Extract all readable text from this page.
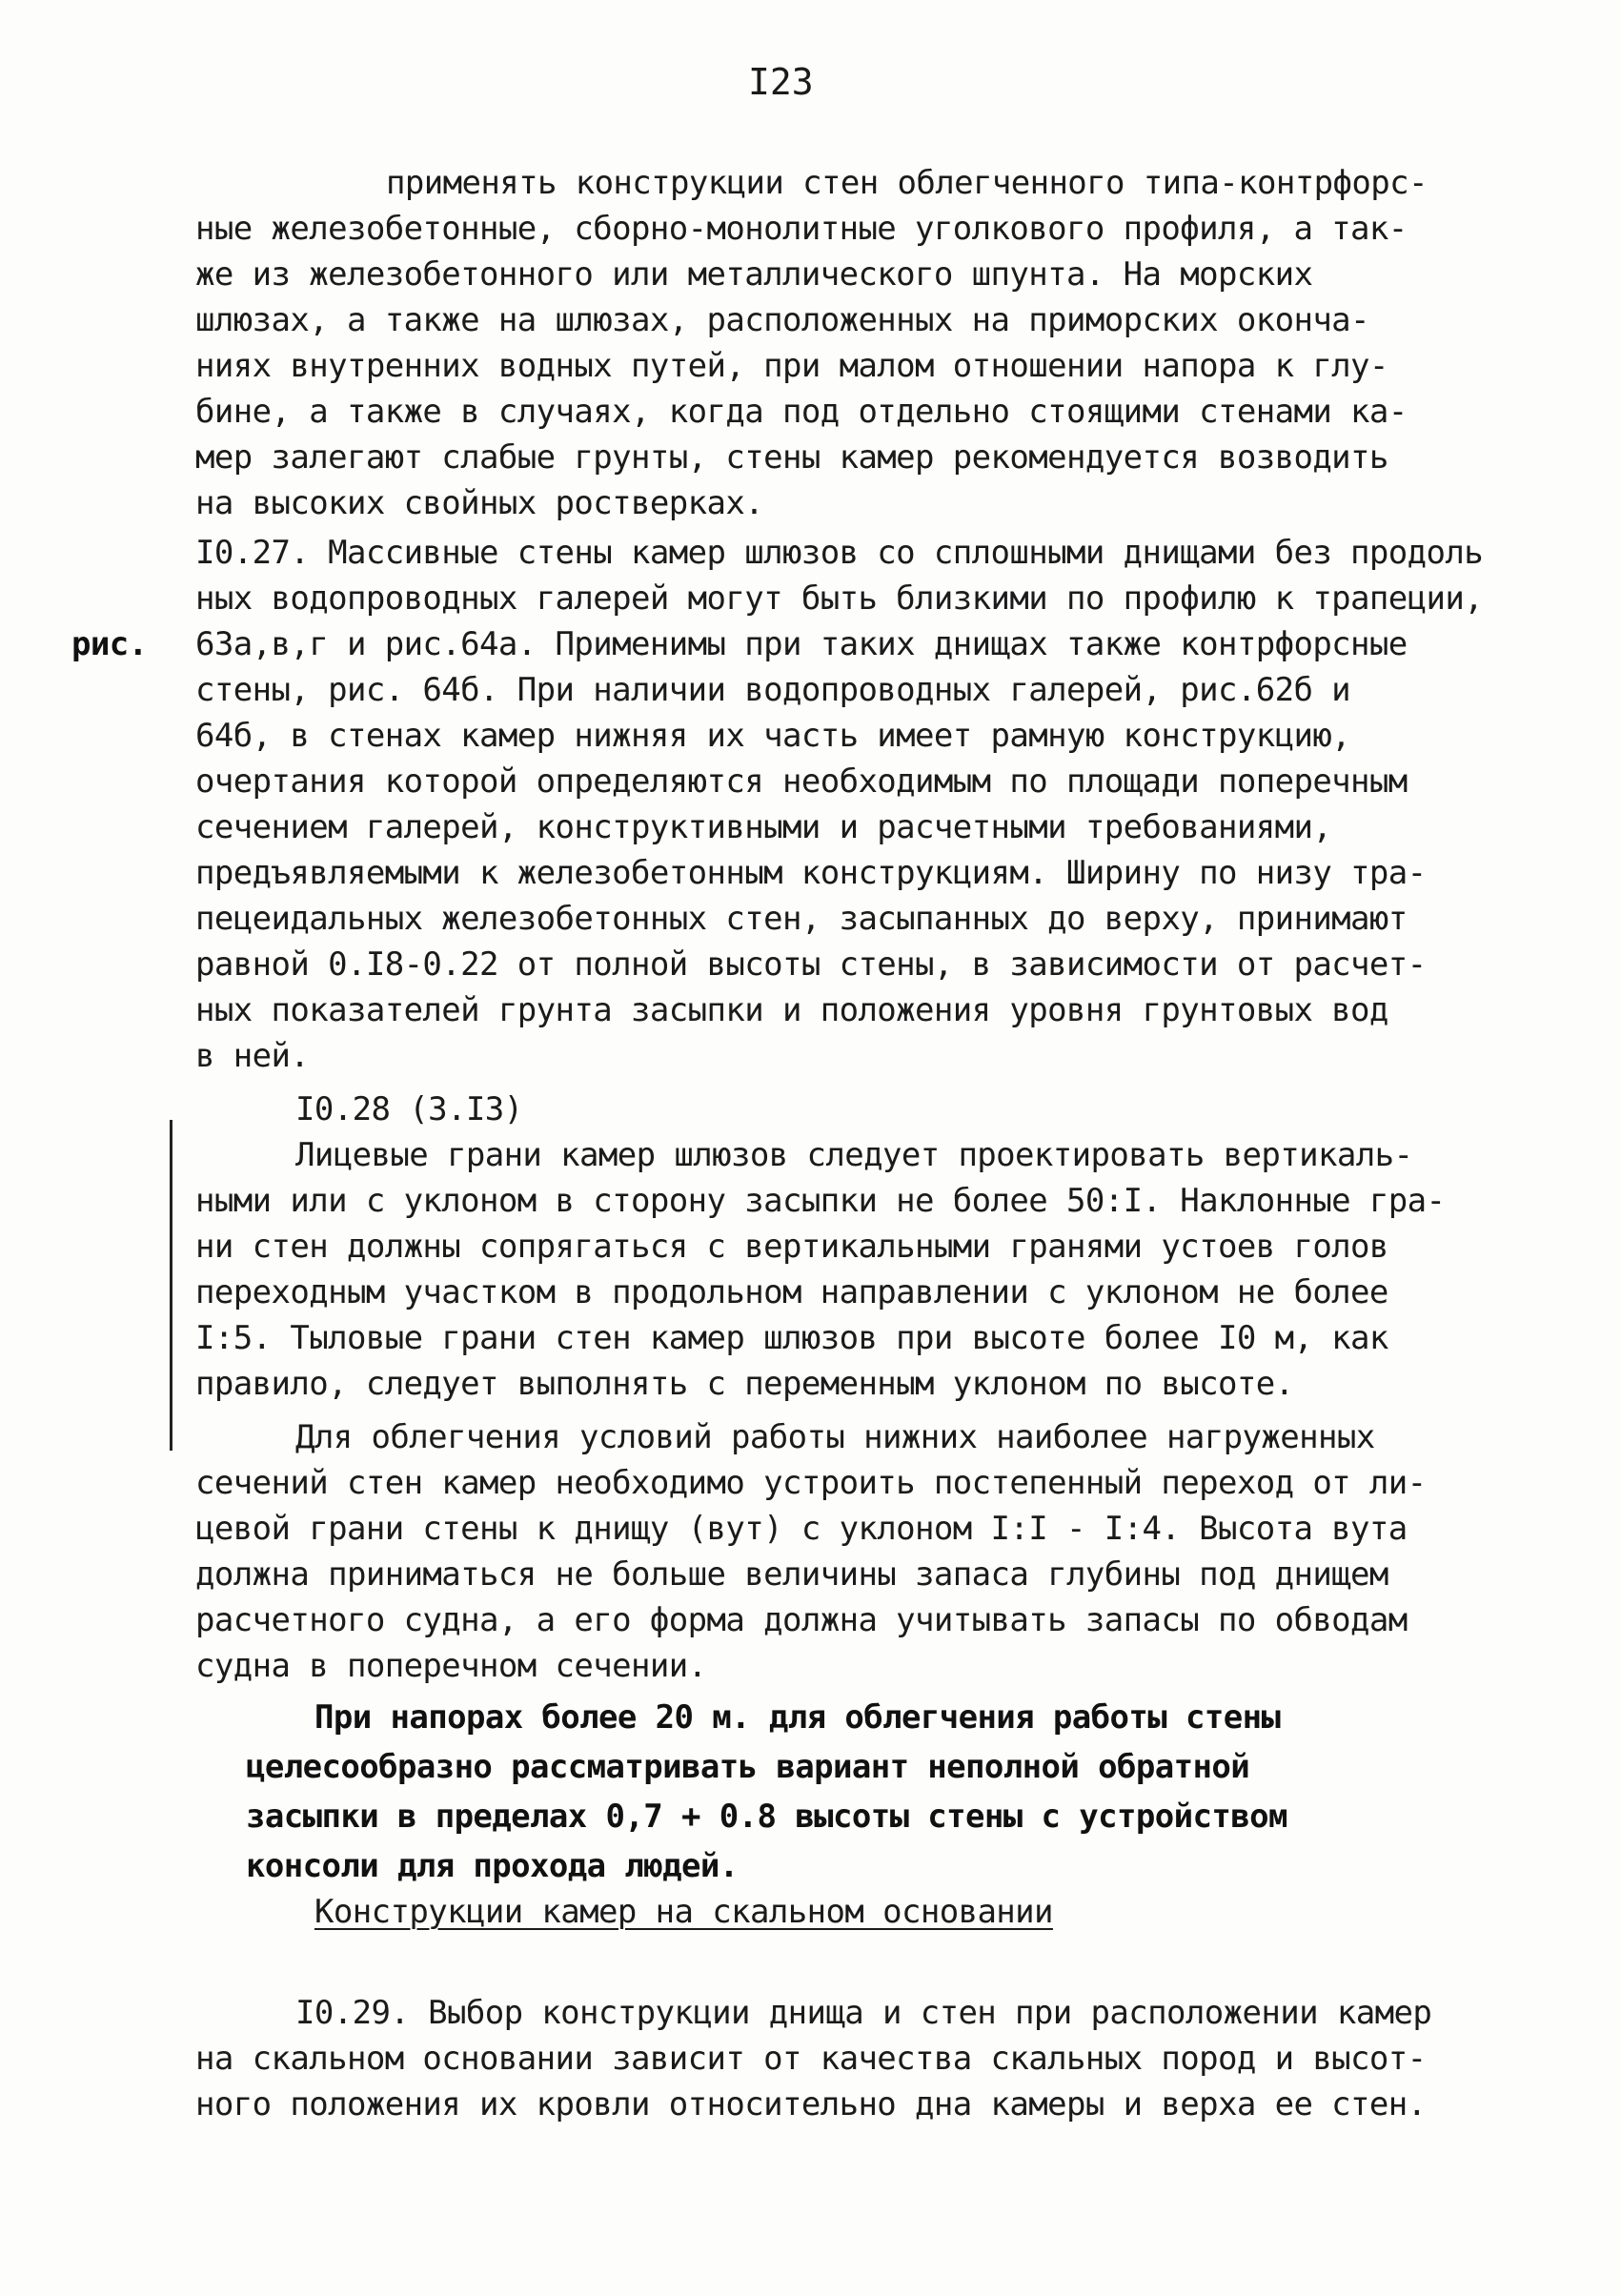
I23
применять конструкции стен облегченного типа-контрфорс-
ные железобетонные, сборно-монолитные уголкового профиля, а так-
же из железобетонного или металлического шпунта. На морских
шлюзах, а также на шлюзах, расположенных на приморских оконча-
ниях внутренних водных путей, при малом отношении напора к глу-
бине, а также в случаях, когда под отдельно стоящими стенами ка-
мер залегают слабые грунты, стены камер рекомендуется возводить
на высоких свойных ростверках.
I0.27. Массивные стены камер шлюзов со сплошными днищами без продоль
ных водопроводных галерей могут быть близкими по профилю к трапеции,
рис. 63а,в,г и рис.64а. Применимы при таких днищах также контрфорсные
стены, рис. 64б. При наличии водопроводных галерей, рис.62б и
64б, в стенах камер нижняя их часть имеет рамную конструкцию,
очертания которой определяются необходимым по площади поперечным
сечением галерей, конструктивными и расчетными требованиями,
предъявляемыми к железобетонным конструкциям. Ширину по низу тра-
пецеидальных железобетонных стен, засыпанных до верху, принимают
равной 0.I8-0.22 от полной высоты стены, в зависимости от расчет-
ных показателей грунта засыпки и положения уровня грунтовых вод
в ней.
I0.28 (3.I3)
Лицевые грани камер шлюзов следует проектировать вертикаль-
ными или с уклоном в сторону засыпки не более 50:I. Наклонные гра-
ни стен должны сопрягаться с вертикальными гранями устоев голов
переходным участком в продольном направлении с уклоном не более
I:5. Тыловые грани стен камер шлюзов при высоте более I0 м, как
правило, следует выполнять с переменным уклоном по высоте.
Для облегчения условий работы нижних наиболее нагруженных
сечений стен камер необходимо устроить постепенный переход от ли-
цевой грани стены к днищу (вут) с уклоном I:I - I:4. Высота вута
должна приниматься не больше величины запаса глубины под днищем
расчетного судна, а его форма должна учитывать запасы по обводам
судна в поперечном сечении.
При напорах более 20 м. для облегчения работы стены
целесообразно рассматривать вариант неполной обратной
засыпки в пределах 0,7 + 0.8 высоты стены с устройством
консоли для прохода людей.
Конструкции камер на скальном основании
I0.29. Выбор конструкции днища и стен при расположении камер
на скальном основании зависит от качества скальных пород и высот-
ного положения их кровли относительно дна камеры и верха ее стен.
